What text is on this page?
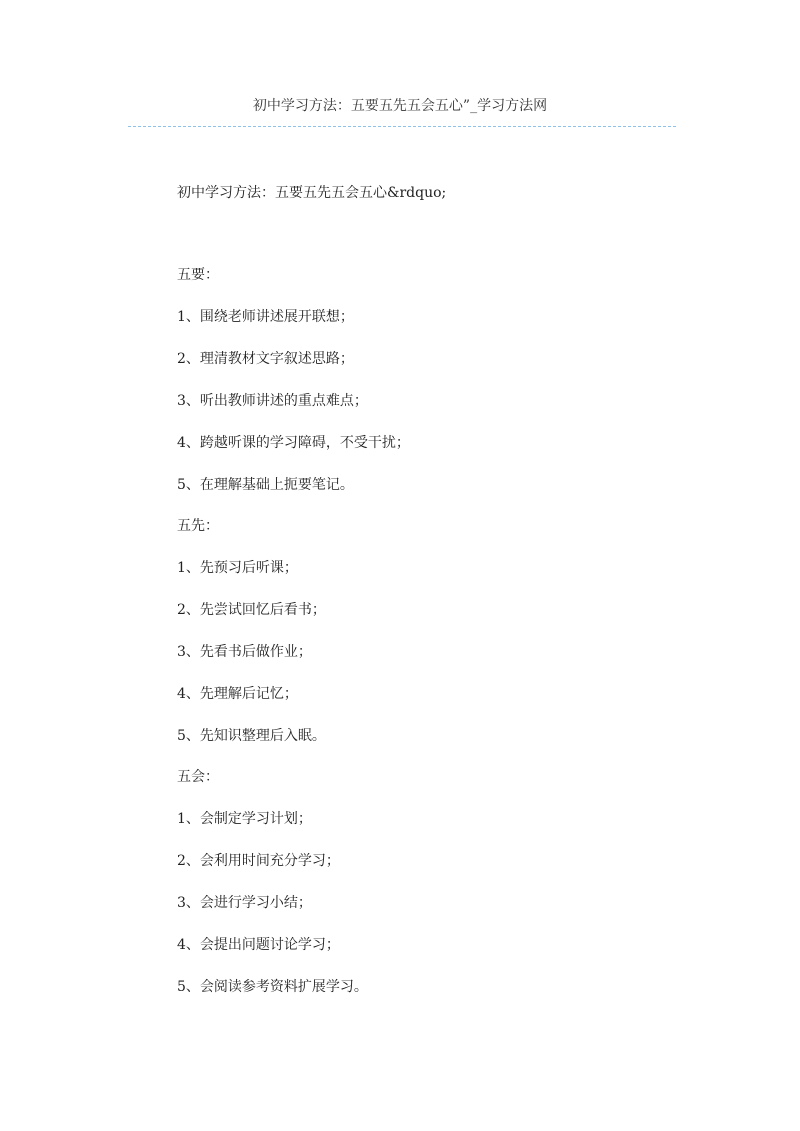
初中学习方法：五要五先五会五心”_学习方法网
初中学习方法：五要五先五会五心&rdquo;
五要：
1、围绕老师讲述展开联想；
2、理清教材文字叙述思路；
3、听出教师讲述的重点难点；
4、跨越听课的学习障碍，不受干扰；
5、在理解基础上扼要笔记。
五先：
1、先预习后听课；
2、先尝试回忆后看书；
3、先看书后做作业；
4、先理解后记忆；
5、先知识整理后入眠。
五会：
1、会制定学习计划；
2、会利用时间充分学习；
3、会进行学习小结；
4、会提出问题讨论学习；
5、会阅读参考资料扩展学习。
